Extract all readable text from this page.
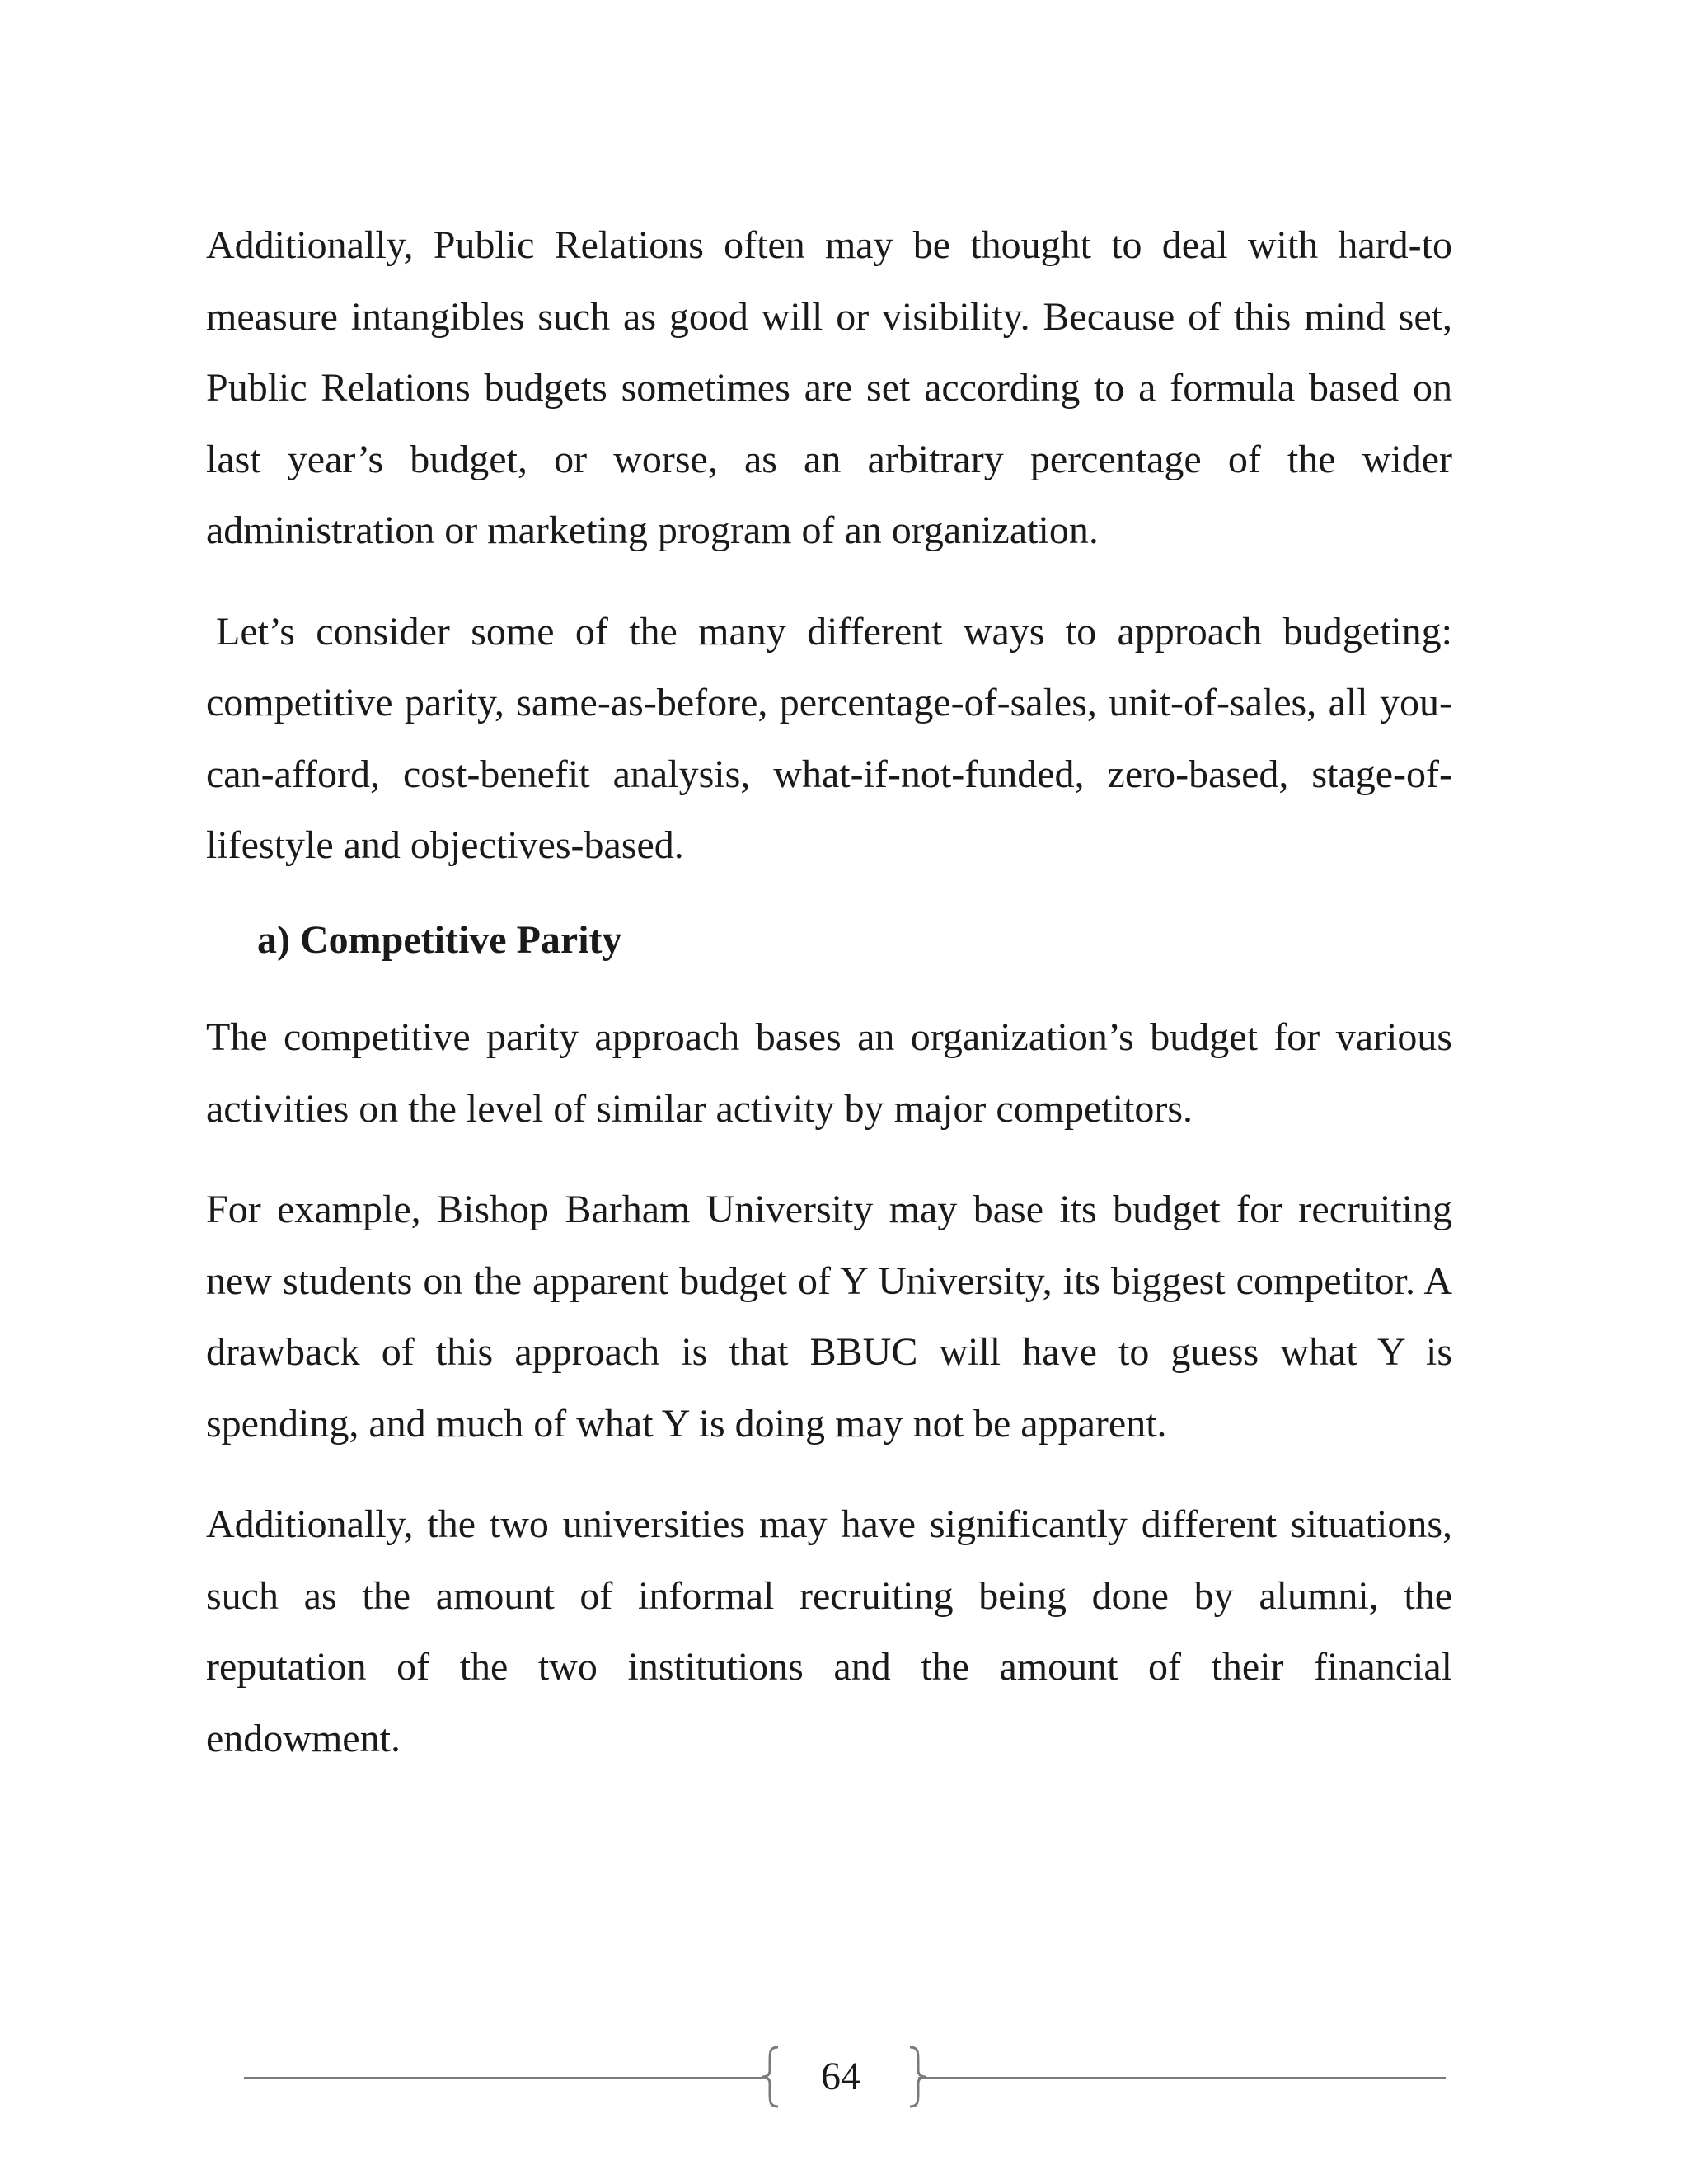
Additionally, Public Relations often may be thought to deal with hard-to measure intangibles such as good will or visibility. Because of this mind set, Public Relations budgets sometimes are set according to a formula based on last year’s budget, or worse, as an arbitrary percentage of the wider administration or marketing program of an organization.

Let’s consider some of the many different ways to approach budgeting: competitive parity, same-as-before, percentage-of-sales, unit-of-sales, all you-can-afford, cost-benefit analysis, what-if-not-funded, zero-based, stage-of-lifestyle and objectives-based.

a) Competitive Parity

The competitive parity approach bases an organization’s budget for various activities on the level of similar activity by major competitors.

For example, Bishop Barham University may base its budget for recruiting new students on the apparent budget of Y University, its biggest competitor. A drawback of this approach is that BBUC will have to guess what Y is spending, and much of what Y is doing may not be apparent.

Additionally, the two universities may have significantly different situations, such as the amount of informal recruiting being done by alumni, the reputation of the two institutions and the amount of their financial endowment.

64
